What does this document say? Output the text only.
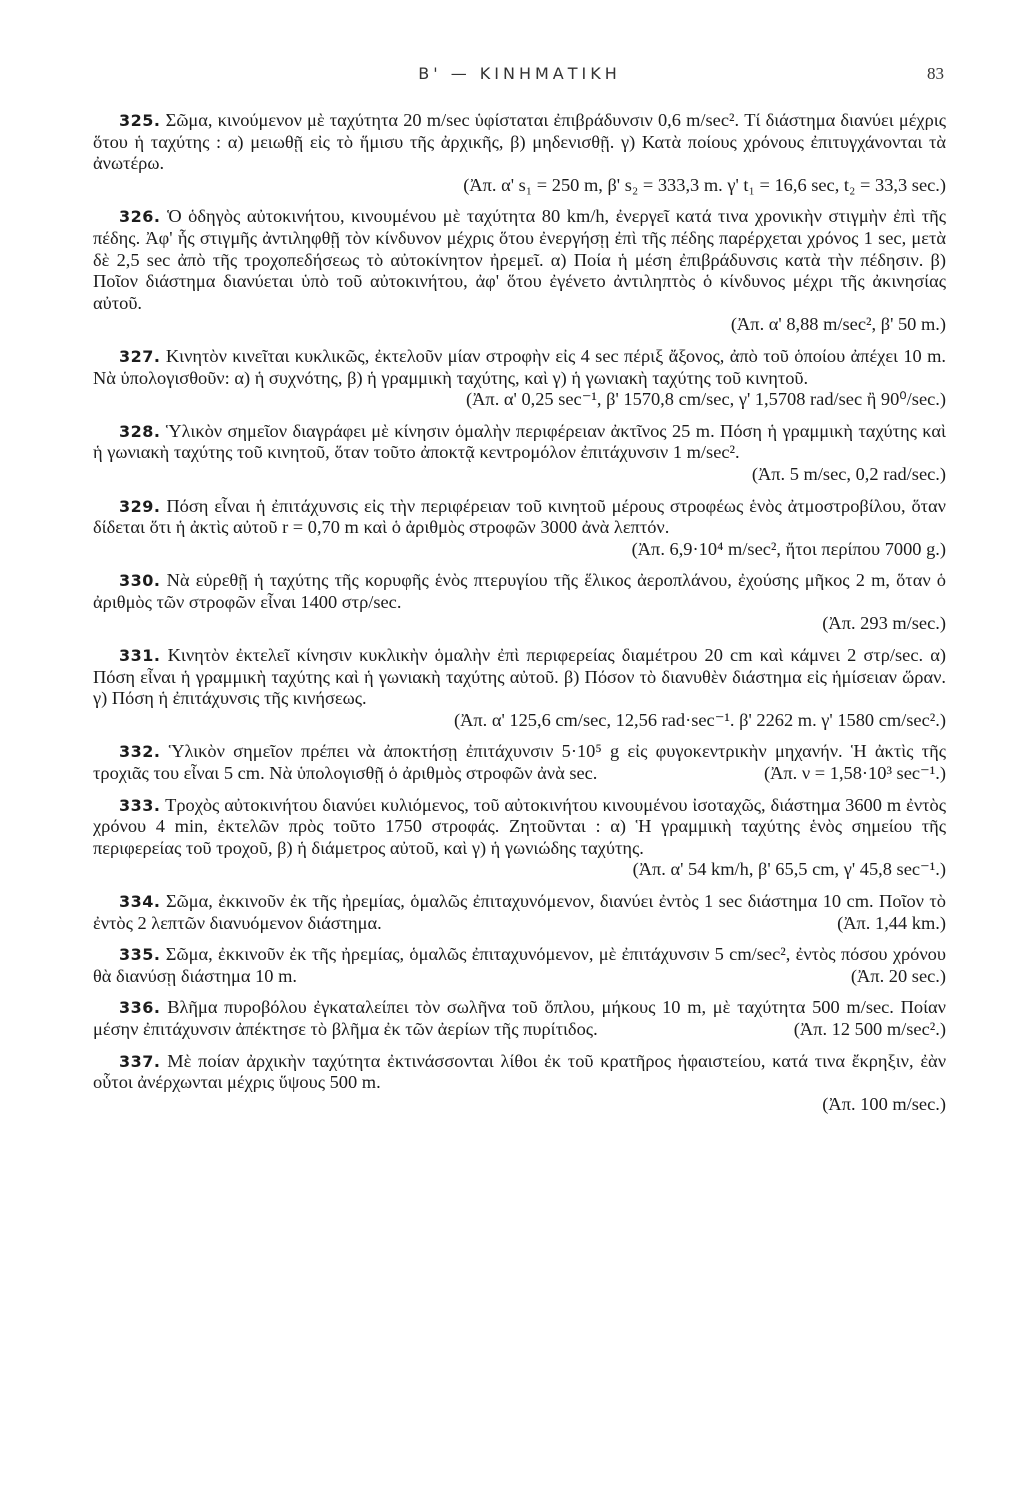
Β' — ΚΙΝΗΜΑΤΙΚΗ	83
325. Σῶμα, κινούμενον μὲ ταχύτητα 20 m/sec ὑφίσταται ἐπιβράδυνσιν 0,6 m/sec². Τί διάστημα διανύει μέχρις ὅτου ἡ ταχύτης : α) μειωθῇ εἰς τὸ ἥμισυ τῆς ἀρχικῆς, β) μηδενισθῇ. γ) Κατὰ ποίους χρόνους ἐπιτυγχάνονται τὰ ἀνωτέρω.
(Ἀπ. α' s₁ = 250 m, β' s₂ = 333,3 m. γ' t₁ = 16,6 sec, t₂ = 33,3 sec.)
326. Ὁ ὁδηγὸς αὐτοκινήτου, κινουμένου μὲ ταχύτητα 80 km/h, ἐνεργεῖ κατά τινα χρονικὴν στιγμὴν ἐπὶ τῆς πέδης. Ἀφ' ἧς στιγμῆς ἀντιληφθῇ τὸν κίνδυνον μέχρις ὅτου ἐνεργήσῃ ἐπὶ τῆς πέδης παρέρχεται χρόνος 1 sec, μετὰ δὲ 2,5 sec ἀπὸ τῆς τροχοπεδήσεως τὸ αὐτοκίνητον ἠρεμεῖ. α) Ποία ἡ μέση ἐπιβράδυνσις κατὰ τὴν πέδησιν. β) Ποῖον διάστημα διανύεται ὑπὸ τοῦ αὐτοκινήτου, ἀφ' ὅτου ἐγένετο ἀντιληπτὸς ὁ κίνδυνος μέχρι τῆς ἀκινησίας αὐτοῦ.
(Ἀπ. α' 8,88 m/sec², β' 50 m.)
327. Κινητὸν κινεῖται κυκλικῶς, ἐκτελοῦν μίαν στροφὴν εἰς 4 sec πέριξ ἄξονος, ἀπὸ τοῦ ὁποίου ἀπέχει 10 m. Νὰ ὑπολογισθοῦν: α) ἡ συχνότης, β) ἡ γραμμικὴ ταχύτης, καὶ γ) ἡ γωνιακὴ ταχύτης τοῦ κινητοῦ.
(Ἀπ. α' 0,25 sec⁻¹, β' 1570,8 cm/sec, γ' 1,5708 rad/sec ἢ 90⁰/sec.)
328. Ὑλικὸν σημεῖον διαγράφει μὲ κίνησιν ὁμαλὴν περιφέρειαν ἀκτῖνος 25 m. Πόση ἡ γραμμικὴ ταχύτης καὶ ἡ γωνιακὴ ταχύτης τοῦ κινητοῦ, ὅταν τοῦτο ἀποκτᾷ κεντρομόλον ἐπιτάχυνσιν 1 m/sec².
(Ἀπ. 5 m/sec, 0,2 rad/sec.)
329. Πόση εἶναι ἡ ἐπιτάχυνσις εἰς τὴν περιφέρειαν τοῦ κινητοῦ μέρους στροφέως ἑνὸς ἀτμοστροβίλου, ὅταν δίδεται ὅτι ἡ ἀκτὶς αὐτοῦ r = 0,70 m καὶ ὁ ἀριθμὸς στροφῶν 3000 ἀνὰ λεπτόν.
(Ἀπ. 6,9·10⁴ m/sec², ἤτοι περίπου 7000 g.)
330. Νὰ εὑρεθῇ ἡ ταχύτης τῆς κορυφῆς ἑνὸς πτερυγίου τῆς ἕλικος ἀεροπλάνου, ἐχούσης μῆκος 2 m, ὅταν ὁ ἀριθμὸς τῶν στροφῶν εἶναι 1400 στρ/sec.
(Ἀπ. 293 m/sec.)
331. Κινητὸν ἐκτελεῖ κίνησιν κυκλικὴν ὁμαλὴν ἐπὶ περιφερείας διαμέτρου 20 cm καὶ κάμνει 2 στρ/sec. α) Πόση εἶναι ἡ γραμμικὴ ταχύτης καὶ ἡ γωνιακὴ ταχύτης αὐτοῦ. β) Πόσον τὸ διανυθὲν διάστημα εἰς ἡμίσειαν ὥραν. γ) Πόση ἡ ἐπιτάχυνσις τῆς κινήσεως.
(Ἀπ. α' 125,6 cm/sec, 12,56 rad·sec⁻¹. β' 2262 m. γ' 1580 cm/sec².)
332. Ὑλικὸν σημεῖον πρέπει νὰ ἀποκτήσῃ ἐπιτάχυνσιν 5·10⁵ g εἰς φυγοκεντρικὴν μηχανήν. Ἡ ἀκτὶς τῆς τροχιᾶς του εἶναι 5 cm. Νὰ ὑπολογισθῇ ὁ ἀριθμὸς στροφῶν ἀνὰ sec.	(Ἀπ. ν = 1,58·10³ sec⁻¹.)
333. Τροχὸς αὐτοκινήτου διανύει κυλιόμενος, τοῦ αὐτοκινήτου κινουμένου ἰσοταχῶς, διάστημα 3600 m ἐντὸς χρόνου 4 min, ἐκτελῶν πρὸς τοῦτο 1750 στροφάς. Ζητοῦνται : α) Ἡ γραμμικὴ ταχύτης ἑνὸς σημείου τῆς περιφερείας τοῦ τροχοῦ, β) ἡ διάμετρος αὐτοῦ, καὶ γ) ἡ γωνιώδης ταχύτης.
(Ἀπ. α' 54 km/h, β' 65,5 cm, γ' 45,8 sec⁻¹.)
334. Σῶμα, ἐκκινοῦν ἐκ τῆς ἠρεμίας, ὁμαλῶς ἐπιταχυνόμενον, διανύει ἐντὸς 1 sec διάστημα 10 cm. Ποῖον τὸ ἐντὸς 2 λεπτῶν διανυόμενον διάστημα.	(Ἀπ. 1,44 km.)
335. Σῶμα, ἐκκινοῦν ἐκ τῆς ἠρεμίας, ὁμαλῶς ἐπιταχυνόμενον, μὲ ἐπιτάχυνσιν 5 cm/sec², ἐντὸς πόσου χρόνου θὰ διανύσῃ διάστημα 10 m.	(Ἀπ. 20 sec.)
336. Βλῆμα πυροβόλου ἐγκαταλείπει τὸν σωλῆνα τοῦ ὅπλου, μήκους 10 m, μὲ ταχύτητα 500 m/sec. Ποίαν μέσην ἐπιτάχυνσιν ἀπέκτησε τὸ βλῆμα ἐκ τῶν ἀερίων τῆς πυρίτιδος.	(Ἀπ. 12 500 m/sec².)
337. Μὲ ποίαν ἀρχικὴν ταχύτητα ἐκτινάσσονται λίθοι ἐκ τοῦ κρατῆρος ἡφαιστείου, κατά τινα ἔκρηξιν, ἐὰν οὗτοι ἀνέρχωνται μέχρις ὕψους 500 m.
(Ἀπ. 100 m/sec.)
